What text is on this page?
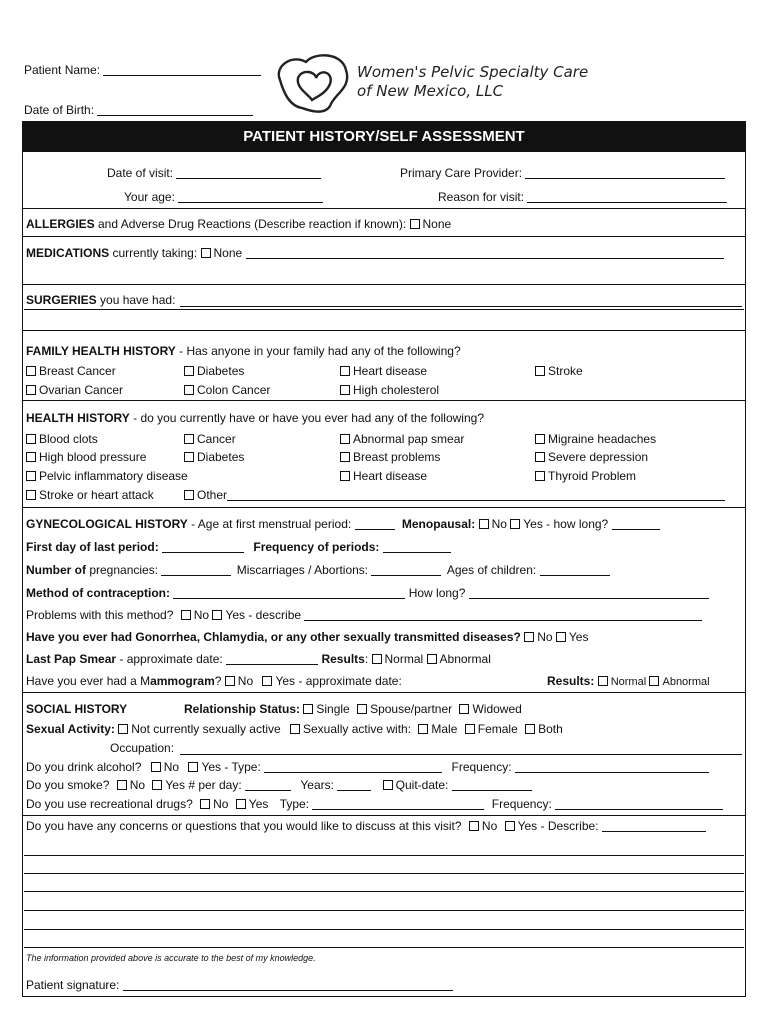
Patient Name:
Date of Birth:
Women's Pelvic Specialty Care
of New Mexico, LLC
PATIENT HISTORY/SELF ASSESSMENT
Date of visit:
Your age:
Primary Care Provider:
Reason for visit:
ALLERGIES and Adverse Drug Reactions (Describe reaction if known): None
MEDICATIONS currently taking: None
SURGERIES you have had:
FAMILY HEALTH HISTORY - Has anyone in your family had any of the following?
Breast Cancer	Diabetes	Heart disease	Stroke
Ovarian Cancer	Colon Cancer	High cholesterol
HEALTH HISTORY - do you currently have or have you ever had any of the following?
Blood clots	Cancer	Abnormal pap smear	Migraine headaches
High blood pressure	Diabetes	Breast problems	Severe depression
Pelvic inflammatory disease	Heart disease	Thyroid Problem
Stroke or heart attack	Other
GYNECOLOGICAL HISTORY - Age at first menstrual period:	Menopausal: No Yes - how long?
First day of last period:	Frequency of periods:
Number of pregnancies:	Miscarriages / Abortions:	Ages of children:
Method of contraception:	How long?
Problems with this method? No Yes - describe
Have you ever had Gonorrhea, Chlamydia, or any other sexually transmitted diseases? No Yes
Last Pap Smear - approximate date:	Results: Normal Abnormal
Have you ever had a Mammogram? No Yes - approximate date:	Results: Normal Abnormal
SOCIAL HISTORY	Relationship Status: Single Spouse/partner Widowed
Sexual Activity: Not currently sexually active Sexually active with: Male Female Both
Occupation:
Do you drink alcohol? No Yes - Type:	Frequency:
Do you smoke? No Yes # per day:	Years:	Quit-date:
Do you use recreational drugs? No Yes Type:	Frequency:
Do you have any concerns or questions that you would like to discuss at this visit? No Yes - Describe:
The information provided above is accurate to the best of my knowledge.
Patient signature:
